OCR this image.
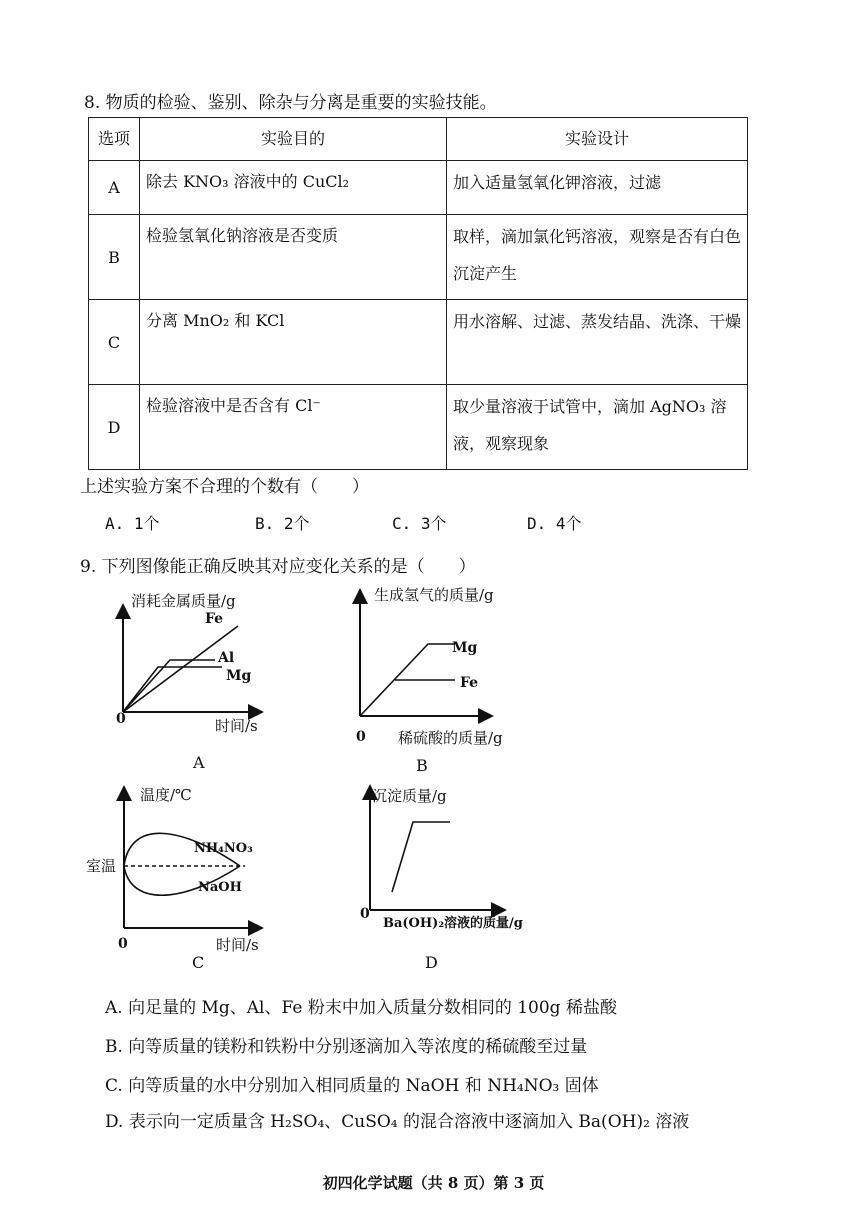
8. 物质的检验、鉴别、除杂与分离是重要的实验技能。
选项	实验目的	实验设计
A	除去 KNO₃ 溶液中的 CuCl₂	加入适量氢氧化钾溶液，过滤
B	检验氢氧化钠溶液是否变质	取样，滴加氯化钙溶液，观察是否有白色沉淀产生
C	分离 MnO₂ 和 KCl	用水溶解、过滤、蒸发结晶、洗涤、干燥
D	检验溶液中是否含有 Cl⁻	取少量溶液于试管中，滴加 AgNO₃ 溶液，观察现象
上述实验方案不合理的个数有（　　）
A. 1个	B. 2个	C. 3个	D. 4个
9. 下列图像能正确反映其对应变化关系的是（　　）
消耗金属质量/g
Fe
Al
Mg
0	时间/s
A
生成氢气的质量/g
Mg
Fe
0 稀硫酸的质量/g
B
温度/℃
室温
NH₄NO₃
NaOH
0	时间/s
C
沉淀质量/g
0
Ba(OH)₂溶液的质量/g
D
A. 向足量的 Mg、Al、Fe 粉末中加入质量分数相同的 100g 稀盐酸
B. 向等质量的镁粉和铁粉中分别逐滴加入等浓度的稀硫酸至过量
C. 向等质量的水中分别加入相同质量的 NaOH 和 NH₄NO₃ 固体
D. 表示向一定质量含 H₂SO₄、CuSO₄ 的混合溶液中逐滴加入 Ba(OH)₂ 溶液
初四化学试题（共 8 页）第 3 页
